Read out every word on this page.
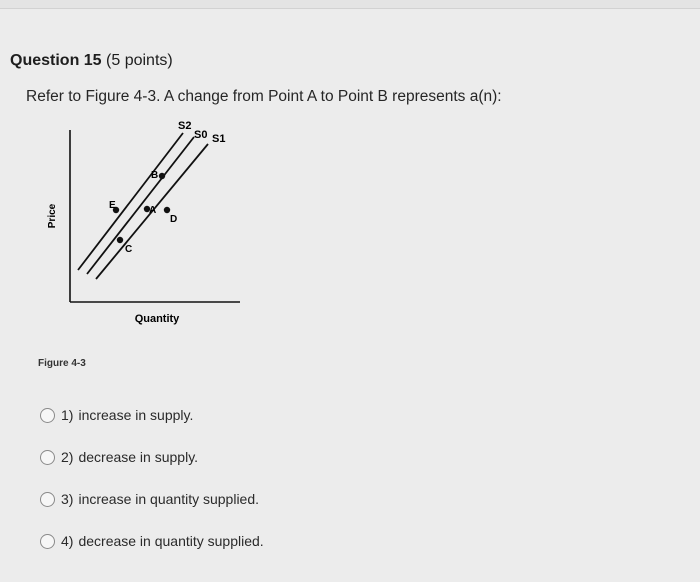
Question 15 (5 points)
Refer to Figure 4-3. A change from Point A to Point B represents a(n):
Price
Quantity
S2
S0 S1
B
E	A
D
C
Figure 4-3
1) increase in supply.
2) decrease in supply.
3) increase in quantity supplied.
4) decrease in quantity supplied.
